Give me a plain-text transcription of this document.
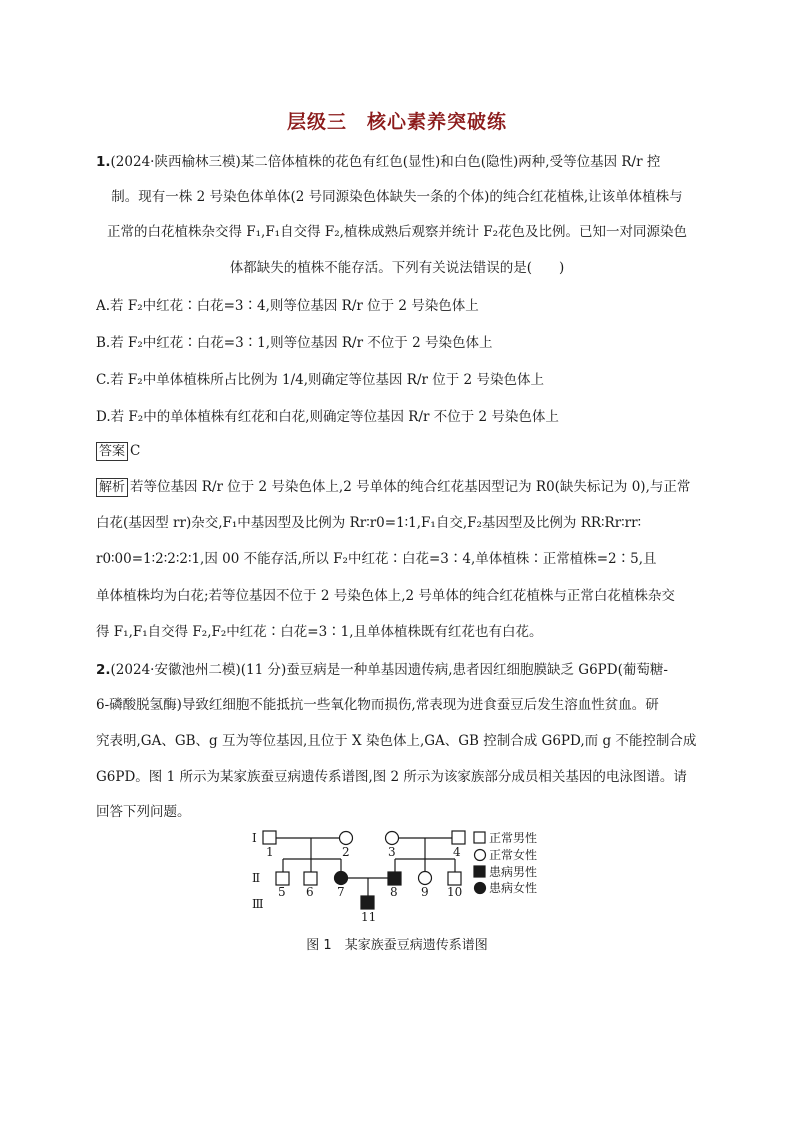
层级三　核心素养突破练
1.(2024·陕西榆林三模)某二倍体植株的花色有红色(显性)和白色(隐性)两种,受等位基因 R/r 控
制。现有一株 2 号染色体单体(2 号同源染色体缺失一条的个体)的纯合红花植株,让该单体植株与
正常的白花植株杂交得 F₁,F₁自交得 F₂,植株成熟后观察并统计 F₂花色及比例。已知一对同源染色
体都缺失的植株不能存活。下列有关说法错误的是(　　)
A.若 F₂中红花∶白花=3∶4,则等位基因 R/r 位于 2 号染色体上
B.若 F₂中红花∶白花=3∶1,则等位基因 R/r 不位于 2 号染色体上
C.若 F₂中单体植株所占比例为 1/4,则确定等位基因 R/r 位于 2 号染色体上
D.若 F₂中的单体植株有红花和白花,则确定等位基因 R/r 不位于 2 号染色体上
答案 C
解析 若等位基因 R/r 位于 2 号染色体上,2 号单体的纯合红花基因型记为 R0(缺失标记为 0),与正常
白花(基因型 rr)杂交,F₁中基因型及比例为 Rr∶r0=1∶1,F₁自交,F₂基因型及比例为 RR∶Rr∶rr∶
r0∶00=1∶2∶2∶2∶1,因 00 不能存活,所以 F₂中红花∶白花=3∶4,单体植株∶正常植株=2∶5,且
单体植株均为白花;若等位基因不位于 2 号染色体上,2 号单体的纯合红花植株与正常白花植株杂交
得 F₁,F₁自交得 F₂,F₂中红花∶白花=3∶1,且单体植株既有红花也有白花。
2.(2024·安徽池州二模)(11 分)蚕豆病是一种单基因遗传病,患者因红细胞膜缺乏 G6PD(葡萄糖-
6-磷酸脱氢酶)导致红细胞不能抵抗一些氧化物而损伤,常表现为进食蚕豆后发生溶血性贫血。研
究表明,GA、GB、g 互为等位基因,且位于 X 染色体上,GA、GB 控制合成 G6PD,而 g 不能控制合成
G6PD。图 1 所示为某家族蚕豆病遗传系谱图,图 2 所示为该家族部分成员相关基因的电泳图谱。请
回答下列问题。
Ⅰ
Ⅱ
Ⅲ
1	2	3	4
5 6 7	8 9 10
11
正常男性
正常女性
患病男性
患病女性
图 1　某家族蚕豆病遗传系谱图
